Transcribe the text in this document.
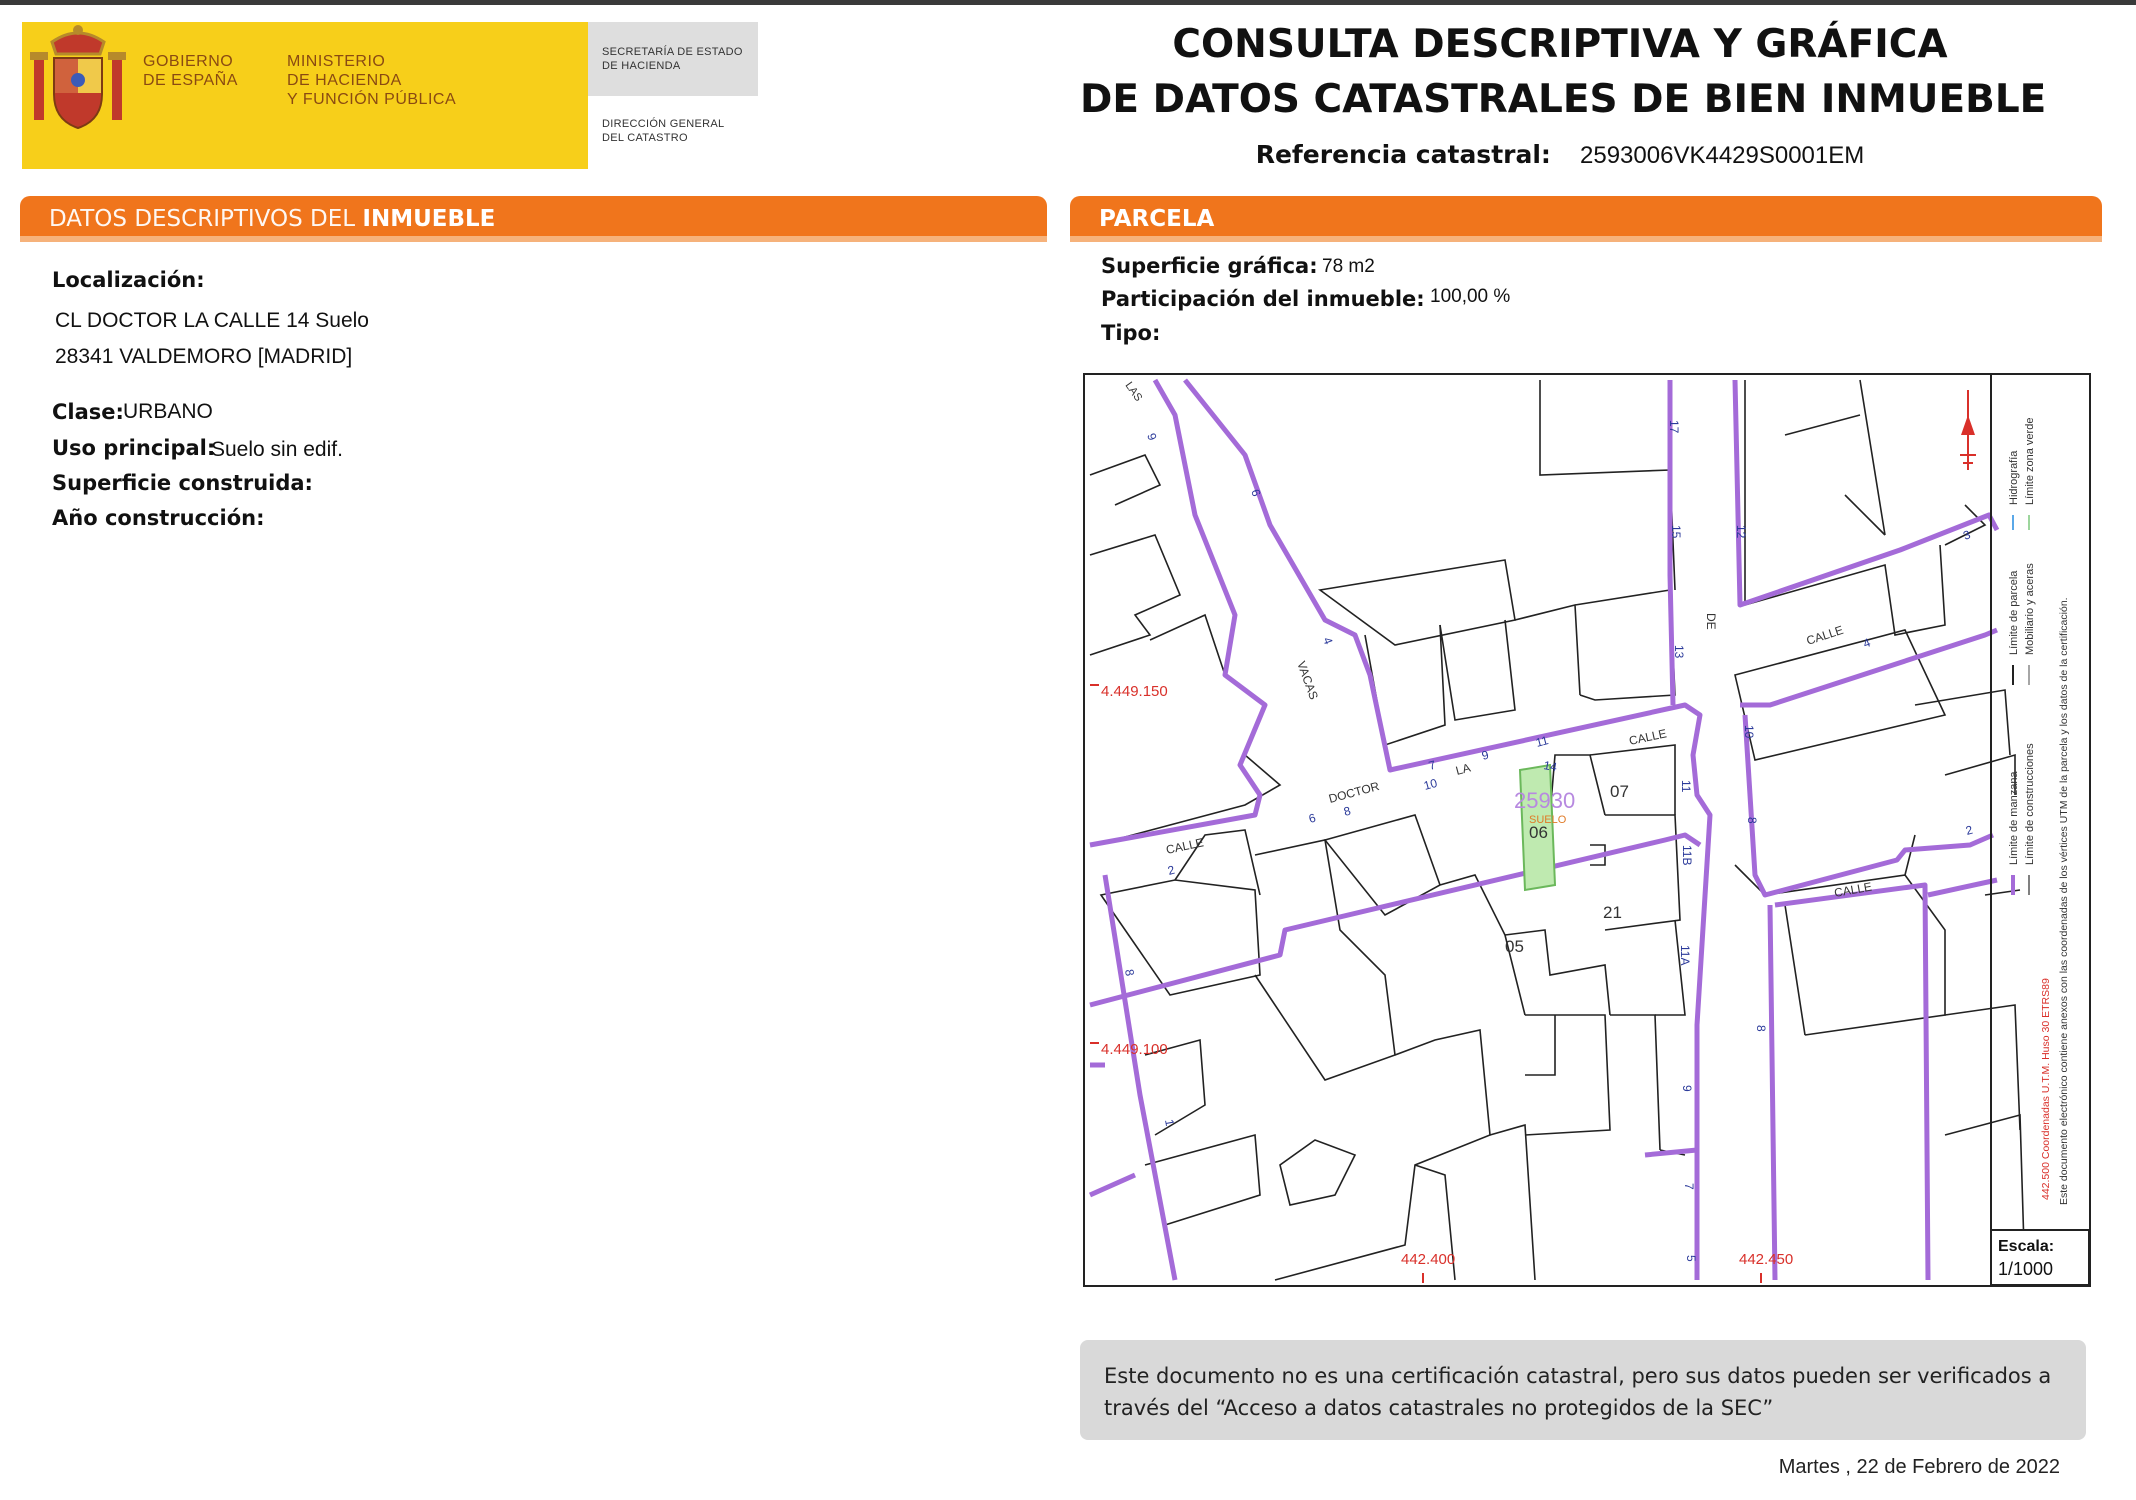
GOBIERNO
DE ESPAÑA
MINISTERIO
DE HACIENDA
Y FUNCIÓN PÚBLICA
SECRETARÍA DE ESTADO
DE HACIENDA
DIRECCIÓN GENERAL
DEL CATASTRO
CONSULTA DESCRIPTIVA Y GRÁFICA
DE DATOS CATASTRALES DE BIEN INMUEBLE
Referencia catastral: 2593006VK4429S0001EM
DATOS DESCRIPTIVOS DEL INMUEBLE	PARCELA
Localización:
CL DOCTOR LA CALLE 14 Suelo
28341 VALDEMORO [MADRID]
Clase: URBANO
Uso principal:
Suelo sin edif.
Superficie construida:
Año construcción:
Superficie gráfica: 78 m2
Participación del inmueble: 100,00 %
Tipo:
Límite de manzana
Límite de parcela
Hidrografía
Límite de construcciones
Mobiliario y aceras
Límite zona verde
442.500 Coordenadas U.T.M. Huso 30 ETRS89 Este documento electrónico contiene anexos con las coordenadas de los vértices UTM de la parcela y los datos de la certificación.
Escala:
1/1000
4.449.150
4.449.100
442.400	442.450
25930
SUELO
06
07
05
21
LAS
VACAS
DOCTOR
LA
CALLE
CALLE
CALLE
CALLE
DE
9
6
4
7
9
11
14
10
8
6
2
17
15
13
11
11B
11A
9
7
5
12
10
8
3
4
2
8
8
1
Este documento no es una certificación catastral, pero sus datos pueden ser verificados a través del “Acceso a datos catastrales no protegidos de la SEC”
Martes , 22 de Febrero de 2022
